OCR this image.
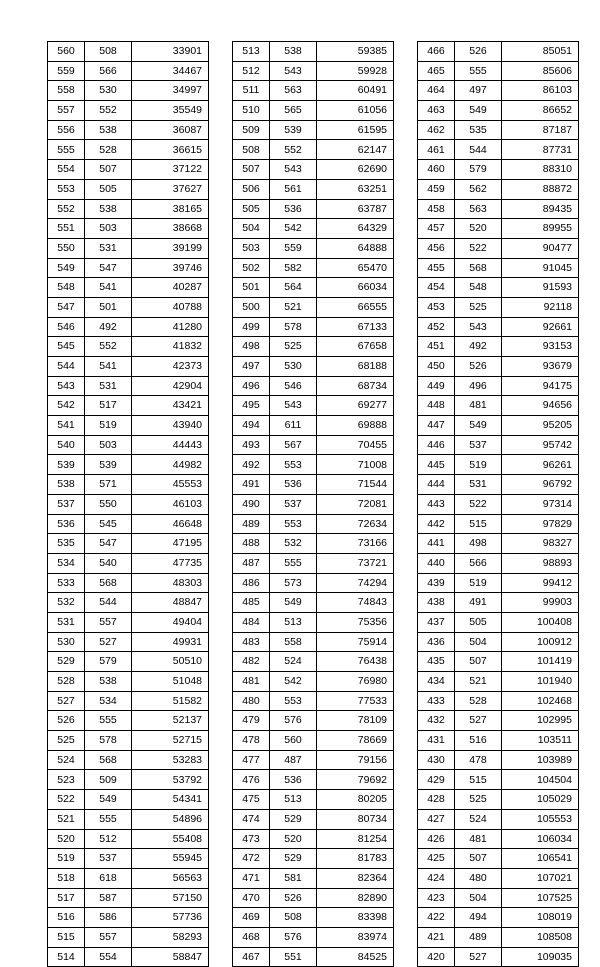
560	508	33901
559	566	34467
558	530	34997
557	552	35549
556	538	36087
555	528	36615
554	507	37122
553	505	37627
552	538	38165
551	503	38668
550	531	39199
549	547	39746
548	541	40287
547	501	40788
546	492	41280
545	552	41832
544	541	42373
543	531	42904
542	517	43421
541	519	43940
540	503	44443
539	539	44982
538	571	45553
537	550	46103
536	545	46648
535	547	47195
534	540	47735
533	568	48303
532	544	48847
531	557	49404
530	527	49931
529	579	50510
528	538	51048
527	534	51582
526	555	52137
525	578	52715
524	568	53283
523	509	53792
522	549	54341
521	555	54896
520	512	55408
519	537	55945
518	618	56563
517	587	57150
516	586	57736
515	557	58293
514	554	58847
513	538	59385
512	543	59928
511	563	60491
510	565	61056
509	539	61595
508	552	62147
507	543	62690
506	561	63251
505	536	63787
504	542	64329
503	559	64888
502	582	65470
501	564	66034
500	521	66555
499	578	67133
498	525	67658
497	530	68188
496	546	68734
495	543	69277
494	611	69888
493	567	70455
492	553	71008
491	536	71544
490	537	72081
489	553	72634
488	532	73166
487	555	73721
486	573	74294
485	549	74843
484	513	75356
483	558	75914
482	524	76438
481	542	76980
480	553	77533
479	576	78109
478	560	78669
477	487	79156
476	536	79692
475	513	80205
474	529	80734
473	520	81254
472	529	81783
471	581	82364
470	526	82890
469	508	83398
468	576	83974
467	551	84525
466	526	85051
465	555	85606
464	497	86103
463	549	86652
462	535	87187
461	544	87731
460	579	88310
459	562	88872
458	563	89435
457	520	89955
456	522	90477
455	568	91045
454	548	91593
453	525	92118
452	543	92661
451	492	93153
450	526	93679
449	496	94175
448	481	94656
447	549	95205
446	537	95742
445	519	96261
444	531	96792
443	522	97314
442	515	97829
441	498	98327
440	566	98893
439	519	99412
438	491	99903
437	505	100408
436	504	100912
435	507	101419
434	521	101940
433	528	102468
432	527	102995
431	516	103511
430	478	103989
429	515	104504
428	525	105029
427	524	105553
426	481	106034
425	507	106541
424	480	107021
423	504	107525
422	494	108019
421	489	108508
420	527	109035
